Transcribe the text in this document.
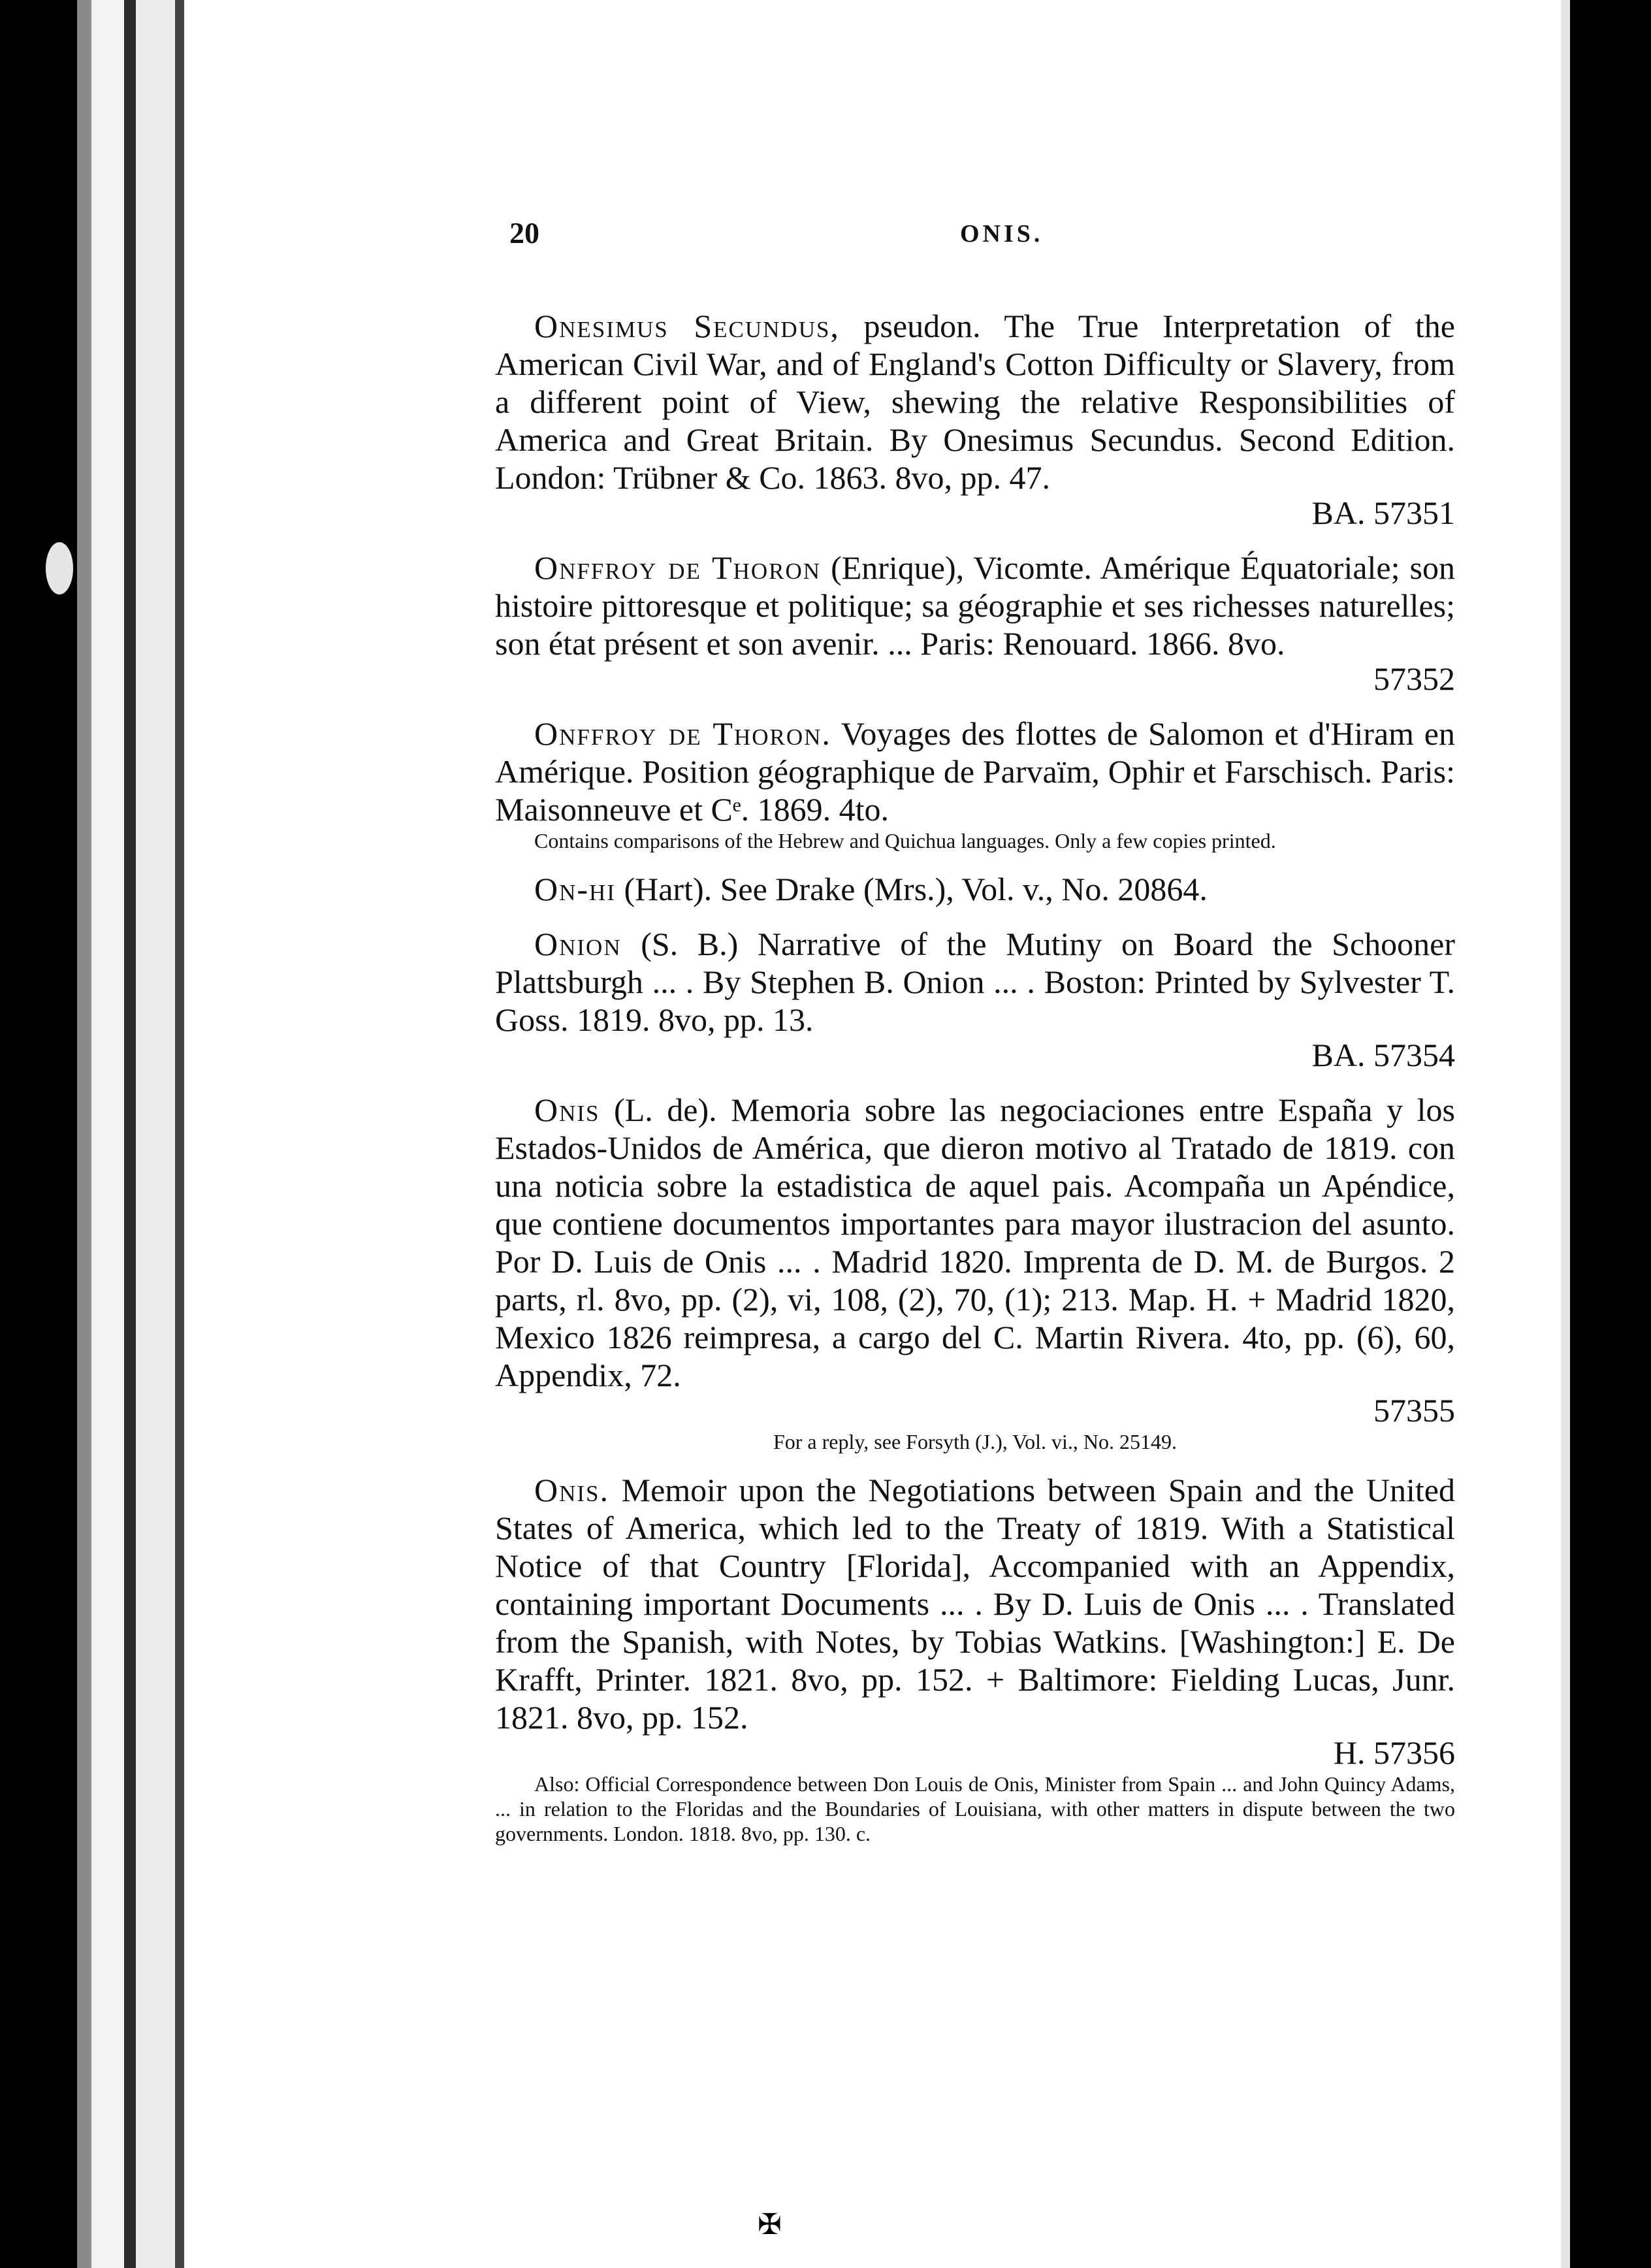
20	ONIS.

Onesimus Secundus, pseudon. The True Interpretation of the American Civil War, and of England's Cotton Difficulty or Slavery, from a different point of View, shewing the relative Responsibilities of America and Great Britain. By Onesimus Secundus. Second Edition. London: Trübner & Co. 1863. 8vo, pp. 47.

BA. 57351

Onffroy de Thoron (Enrique), Vicomte. Amérique Équatoriale; son histoire pittoresque et politique; sa géographie et ses richesses naturelles; son état présent et son avenir. ... Paris: Renouard. 1866. 8vo.

57352

Onffroy de Thoron. Voyages des flottes de Salomon et d'Hiram en Amérique. Position géographique de Parvaïm, Ophir et Farschisch. Paris: Maisonneuve et Cᵉ. 1869. 4to.

Contains comparisons of the Hebrew and Quichua languages. Only a few copies printed.

On-hi (Hart). See Drake (Mrs.), Vol. v., No. 20864.

Onion (S. B.) Narrative of the Mutiny on Board the Schooner Plattsburgh ... . By Stephen B. Onion ... . Boston: Printed by Sylvester T. Goss. 1819. 8vo, pp. 13.

BA. 57354

Onis (L. de). Memoria sobre las negociaciones entre España y los Estados-Unidos de América, que dieron motivo al Tratado de 1819. con una noticia sobre la estadistica de aquel pais. Acompaña un Apéndice, que contiene documentos importantes para mayor ilustracion del asunto. Por D. Luis de Onis ... . Madrid 1820. Imprenta de D. M. de Burgos. 2 parts, rl. 8vo, pp. (2), vi, 108, (2), 70, (1); 213. Map. H. + Madrid 1820, Mexico 1826 reimpresa, a cargo del C. Martin Rivera. 4to, pp. (6), 60, Appendix, 72.

57355

For a reply, see Forsyth (J.), Vol. vi., No. 25149.

Onis. Memoir upon the Negotiations between Spain and the United States of America, which led to the Treaty of 1819. With a Statistical Notice of that Country [Florida], Accompanied with an Appendix, containing important Documents ... . By D. Luis de Onis ... . Translated from the Spanish, with Notes, by Tobias Watkins. [Washington:] E. De Krafft, Printer. 1821. 8vo, pp. 152. + Baltimore: Fielding Lucas, Junr. 1821. 8vo, pp. 152.

H. 57356

Also: Official Correspondence between Don Louis de Onis, Minister from Spain ... and John Quincy Adams, ... in relation to the Floridas and the Boundaries of Louisiana, with other matters in dispute between the two governments. London. 1818. 8vo, pp. 130. c.

✠
